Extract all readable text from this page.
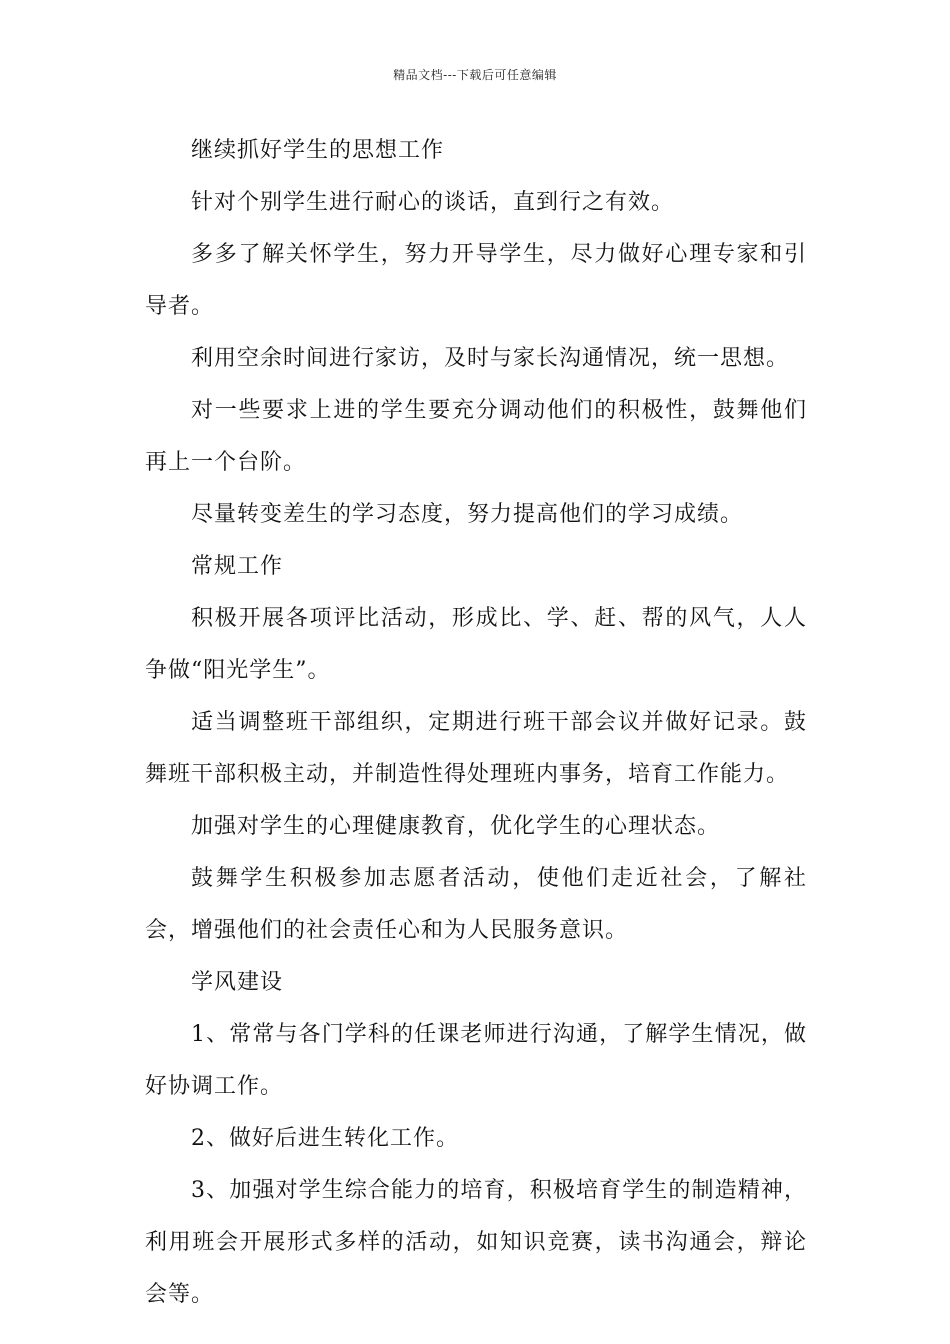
精品文档---下载后可任意编辑

继续抓好学生的思想工作

针对个别学生进行耐心的谈话，直到行之有效。

多多了解关怀学生，努力开导学生，尽力做好心理专家和引导者。

利用空余时间进行家访，及时与家长沟通情况，统一思想。

对一些要求上进的学生要充分调动他们的积极性，鼓舞他们再上一个台阶。

尽量转变差生的学习态度，努力提高他们的学习成绩。

常规工作

积极开展各项评比活动，形成比、学、赶、帮的风气，人人争做“阳光学生”。

适当调整班干部组织，定期进行班干部会议并做好记录。鼓舞班干部积极主动，并制造性得处理班内事务，培育工作能力。

加强对学生的心理健康教育，优化学生的心理状态。

鼓舞学生积极参加志愿者活动，使他们走近社会，了解社会，增强他们的社会责任心和为人民服务意识。

学风建设

1、常常与各门学科的任课老师进行沟通，了解学生情况，做好协调工作。

2、做好后进生转化工作。

3、加强对学生综合能力的培育，积极培育学生的制造精神，利用班会开展形式多样的活动，如知识竞赛，读书沟通会，辩论会等。
